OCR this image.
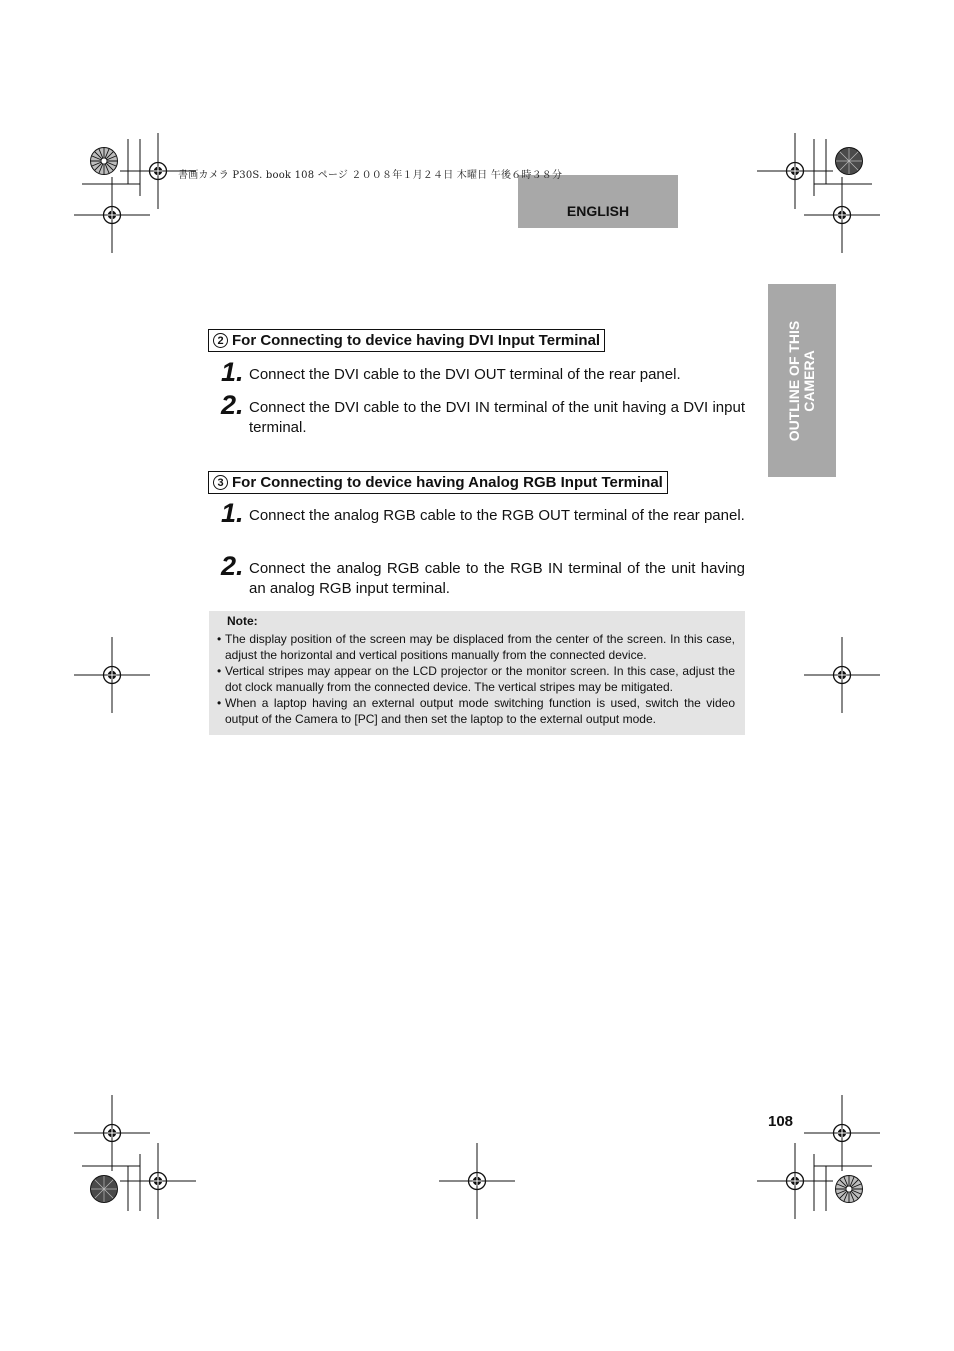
ENGLISH
書画カメラ P30S. book 108 ページ ２００８年１月２４日 木曜日 午後６時３８分
OUTLINE OF THIS CAMERA
2 For Connecting to device having DVI Input Terminal
1. Connect the DVI cable to the DVI OUT terminal of the rear panel.
2. Connect the DVI cable to the DVI IN terminal of the unit having a DVI input terminal.
3 For Connecting to device having Analog RGB Input Terminal
1. Connect the analog RGB cable to the RGB OUT terminal of the rear panel.
2. Connect the analog RGB cable to the RGB IN terminal of the unit having an analog RGB input terminal.
Note:
• The display position of the screen may be displaced from the center of the screen. In this case, adjust the horizontal and vertical positions manually from the connected device.
• Vertical stripes may appear on the LCD projector or the monitor screen. In this case, adjust the dot clock manually from the connected device. The vertical stripes may be mitigated.
• When a laptop having an external output mode switching function is used, switch the video output of the Camera to [PC] and then set the laptop to the external output mode.
108
